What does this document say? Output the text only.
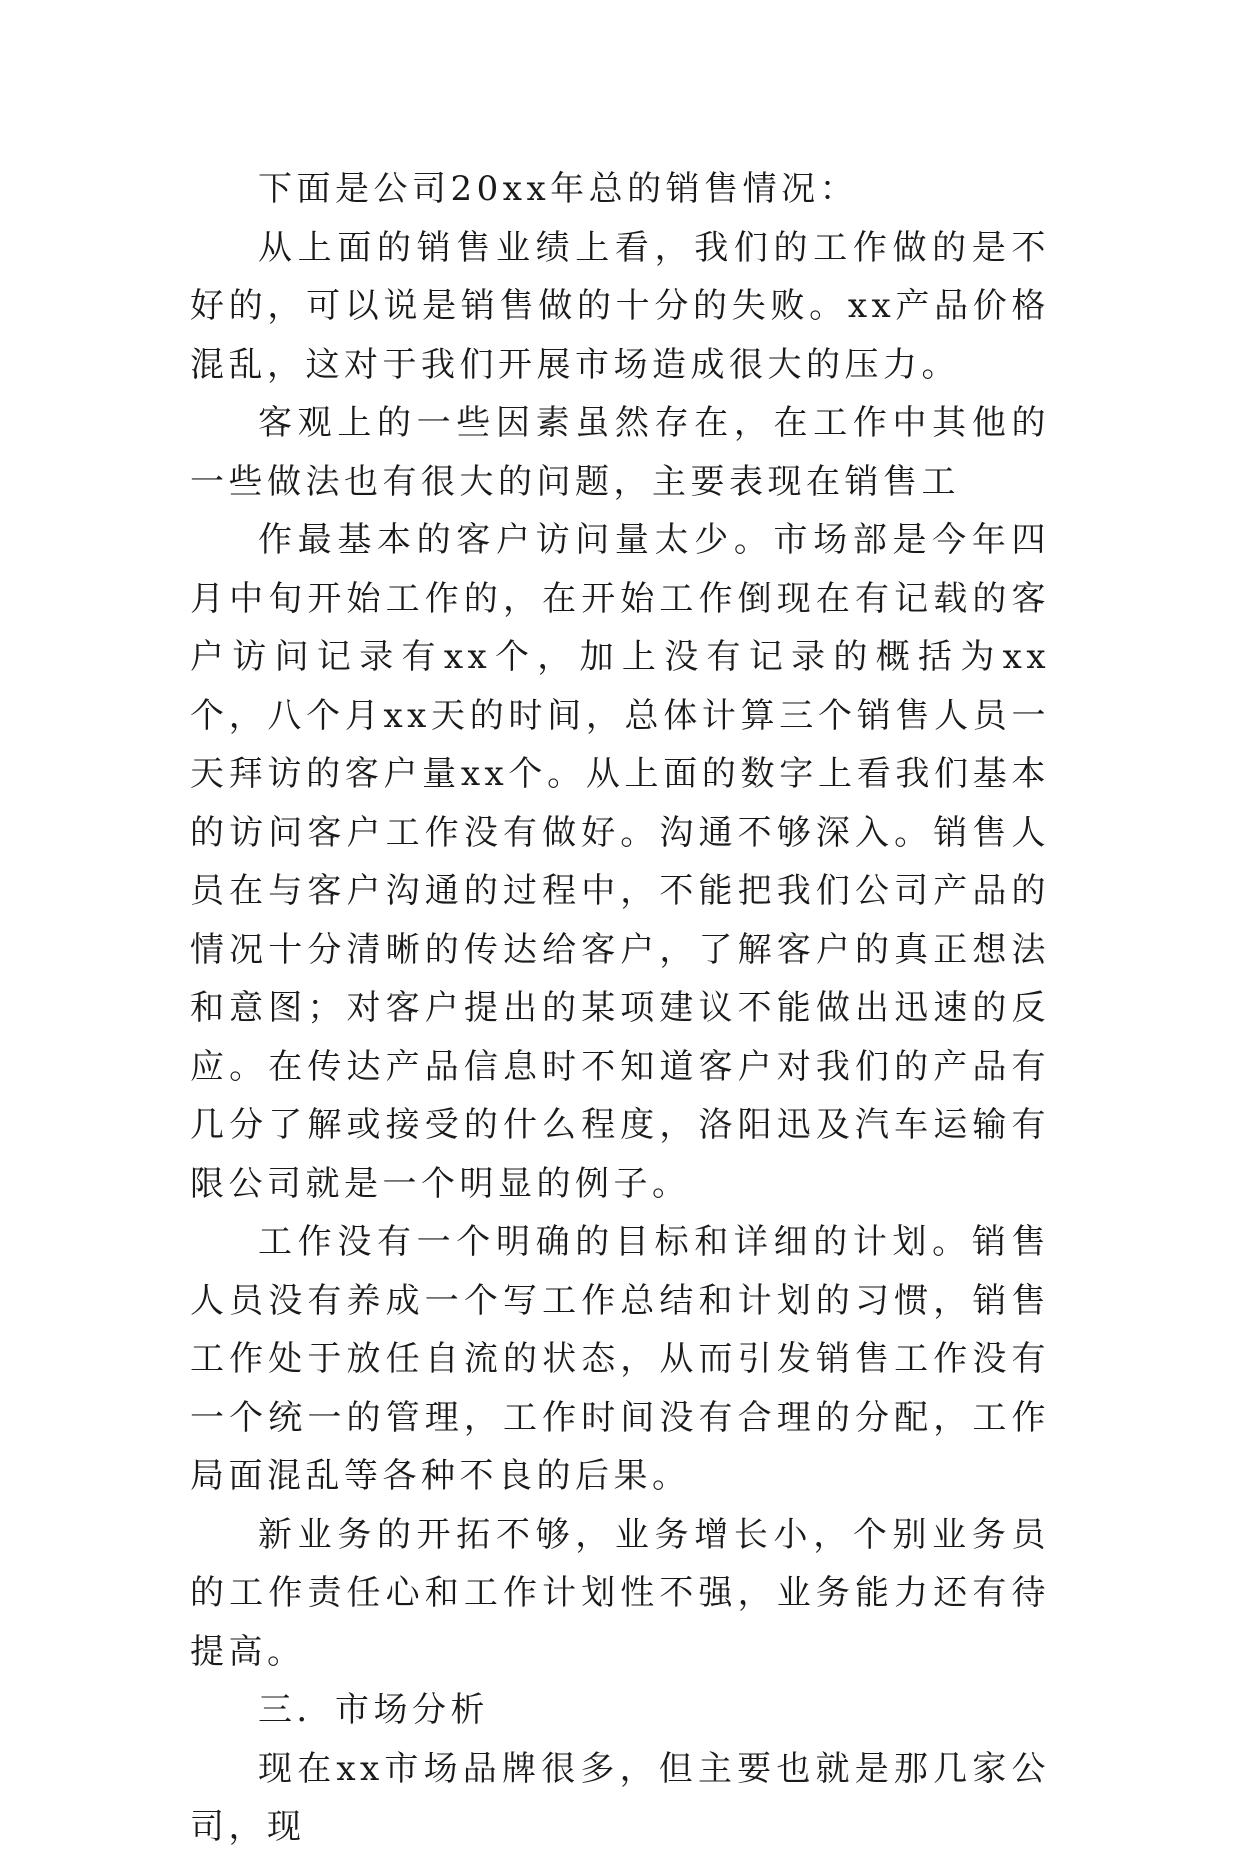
下面是公司20xx年总的销售情况：

从上面的销售业绩上看，我们的工作做的是不好的，可以说是销售做的十分的失败。xx产品价格混乱，这对于我们开展市场造成很大的压力。

客观上的一些因素虽然存在，在工作中其他的一些做法也有很大的问题，主要表现在销售工

作最基本的客户访问量太少。市场部是今年四月中旬开始工作的，在开始工作倒现在有记载的客户访问记录有xx个，加上没有记录的概括为xx个，八个月xx天的时间，总体计算三个销售人员一天拜访的客户量xx个。从上面的数字上看我们基本的访问客户工作没有做好。沟通不够深入。销售人员在与客户沟通的过程中，不能把我们公司产品的情况十分清晰的传达给客户，了解客户的真正想法和意图；对客户提出的某项建议不能做出迅速的反应。在传达产品信息时不知道客户对我们的产品有几分了解或接受的什么程度，洛阳迅及汽车运输有限公司就是一个明显的例子。

工作没有一个明确的目标和详细的计划。销售人员没有养成一个写工作总结和计划的习惯，销售工作处于放任自流的状态，从而引发销售工作没有一个统一的管理，工作时间没有合理的分配，工作局面混乱等各种不良的后果。

新业务的开拓不够，业务增长小，个别业务员的工作责任心和工作计划性不强，业务能力还有待提高。

三．市场分析

现在xx市场品牌很多，但主要也就是那几家公司，现
